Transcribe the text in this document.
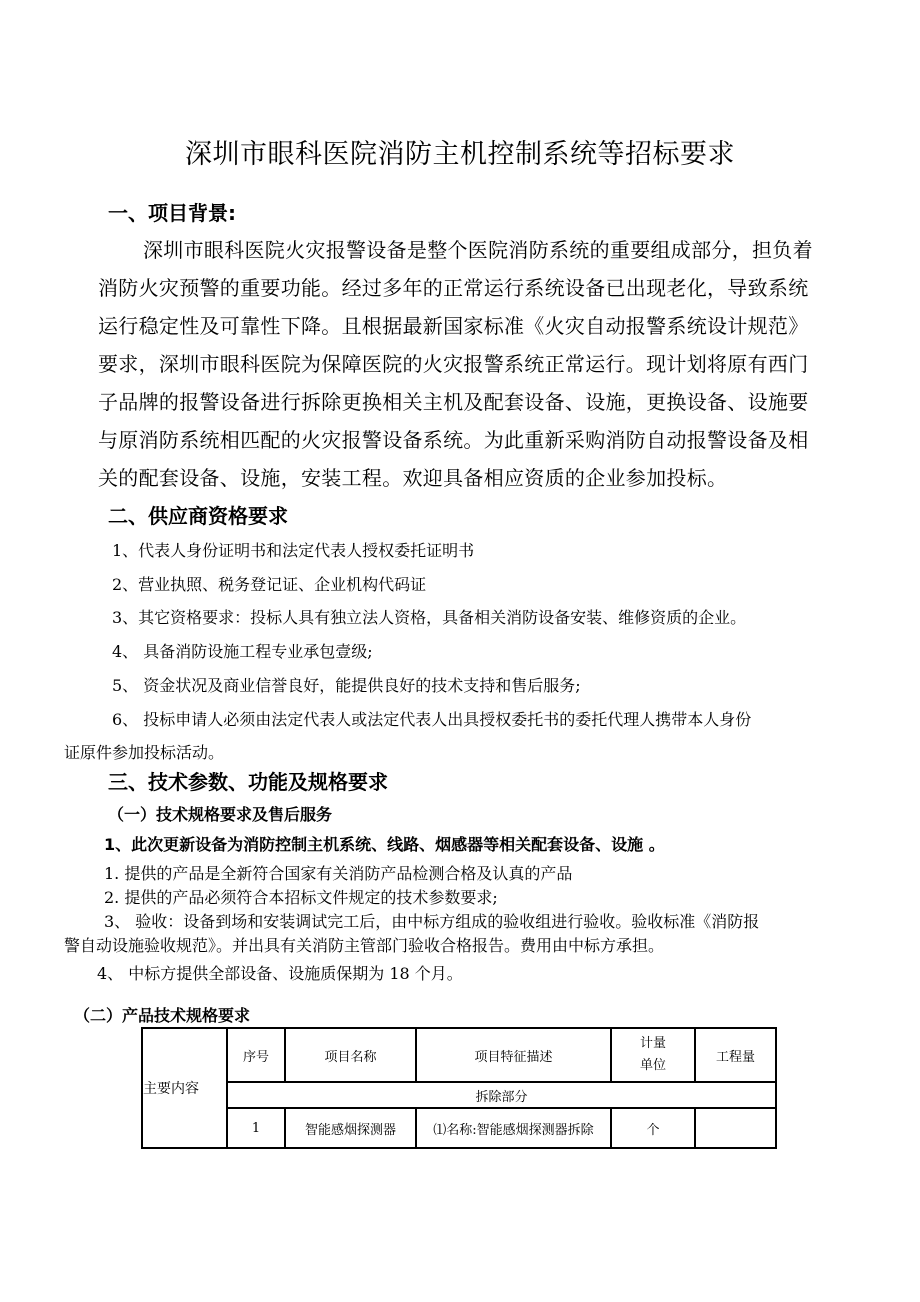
深圳市眼科医院消防主机控制系统等招标要求
一、项目背景:
深圳市眼科医院火灾报警设备是整个医院消防系统的重要组成部分，担负着
消防火灾预警的重要功能。经过多年的正常运行系统设备已出现老化，导致系统
运行稳定性及可靠性下降。且根据最新国家标准《火灾自动报警系统设计规范》
要求，深圳市眼科医院为保障医院的火灾报警系统正常运行。现计划将原有西门
子品牌的报警设备进行拆除更换相关主机及配套设备、设施，更换设备、设施要
与原消防系统相匹配的火灾报警设备系统。为此重新采购消防自动报警设备及相
关的配套设备、设施，安装工程。欢迎具备相应资质的企业参加投标。
二、供应商资格要求
1、代表人身份证明书和法定代表人授权委托证明书
2、营业执照、税务登记证、企业机构代码证
3、其它资格要求：投标人具有独立法人资格，具备相关消防设备安装、维修资质的企业。
4、 具备消防设施工程专业承包壹级;
5、 资金状况及商业信誉良好，能提供良好的技术支持和售后服务;
6、 投标申请人必须由法定代表人或法定代表人出具授权委托书的委托代理人携带本人身份
证原件参加投标活动。
三、技术参数、功能及规格要求
（一）技术规格要求及售后服务
1、此次更新设备为消防控制主机系统、线路、烟感器等相关配套设备、设施 。
1. 提供的产品是全新符合国家有关消防产品检测合格及认真的产品
2. 提供的产品必须符合本招标文件规定的技术参数要求;
3、 验收：设备到场和安装调试完工后，由中标方组成的验收组进行验收。验收标准《消防报
警自动设施验收规范》。并出具有关消防主管部门验收合格报告。费用由中标方承担。
4、 中标方提供全部设备、设施质保期为 18 个月。
（二）产品技术规格要求
主要内容	序号	项目名称	项目特征描述	计量
单位	工程量
	拆除部分				
	1	智能感烟探测器	⑴名称:智能感烟探测器拆除	个	
